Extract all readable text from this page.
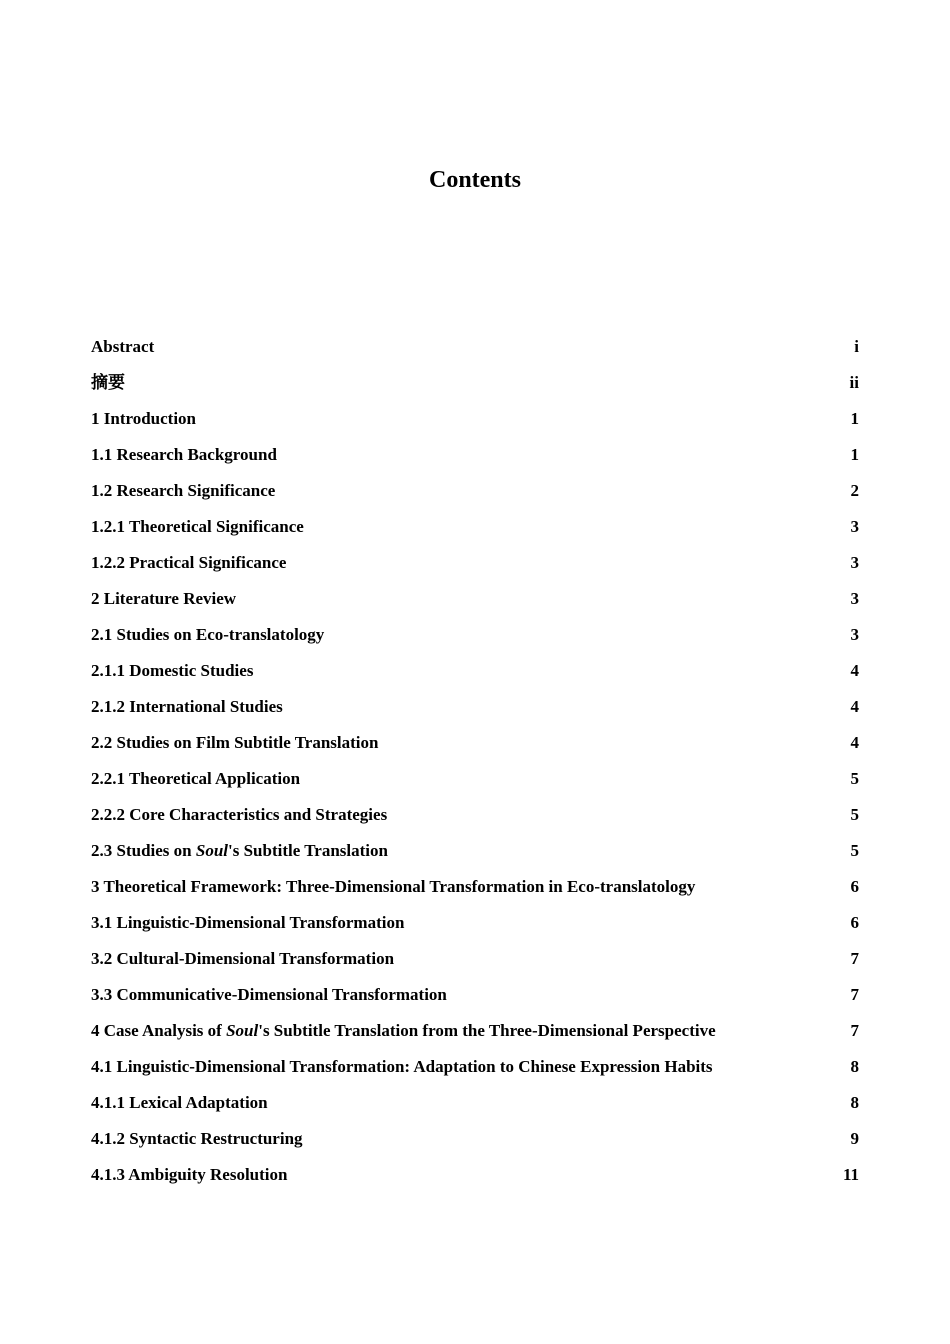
Contents
Abstract	i
摘要	ii
1 Introduction	1
1.1 Research Background	1
1.2 Research Significance	2
1.2.1 Theoretical Significance	3
1.2.2 Practical Significance	3
2 Literature Review	3
2.1 Studies on Eco-translatology	3
2.1.1 Domestic Studies	4
2.1.2 International Studies	4
2.2 Studies on Film Subtitle Translation	4
2.2.1 Theoretical Application	5
2.2.2 Core Characteristics and Strategies	5
2.3 Studies on Soul's Subtitle Translation	5
3 Theoretical Framework: Three-Dimensional Transformation in Eco-translatology	6
3.1 Linguistic-Dimensional Transformation	6
3.2 Cultural-Dimensional Transformation	7
3.3 Communicative-Dimensional Transformation	7
4 Case Analysis of Soul's Subtitle Translation from the Three-Dimensional Perspective	7
4.1 Linguistic-Dimensional Transformation: Adaptation to Chinese Expression Habits	8
4.1.1 Lexical Adaptation	8
4.1.2 Syntactic Restructuring	9
4.1.3 Ambiguity Resolution	11
